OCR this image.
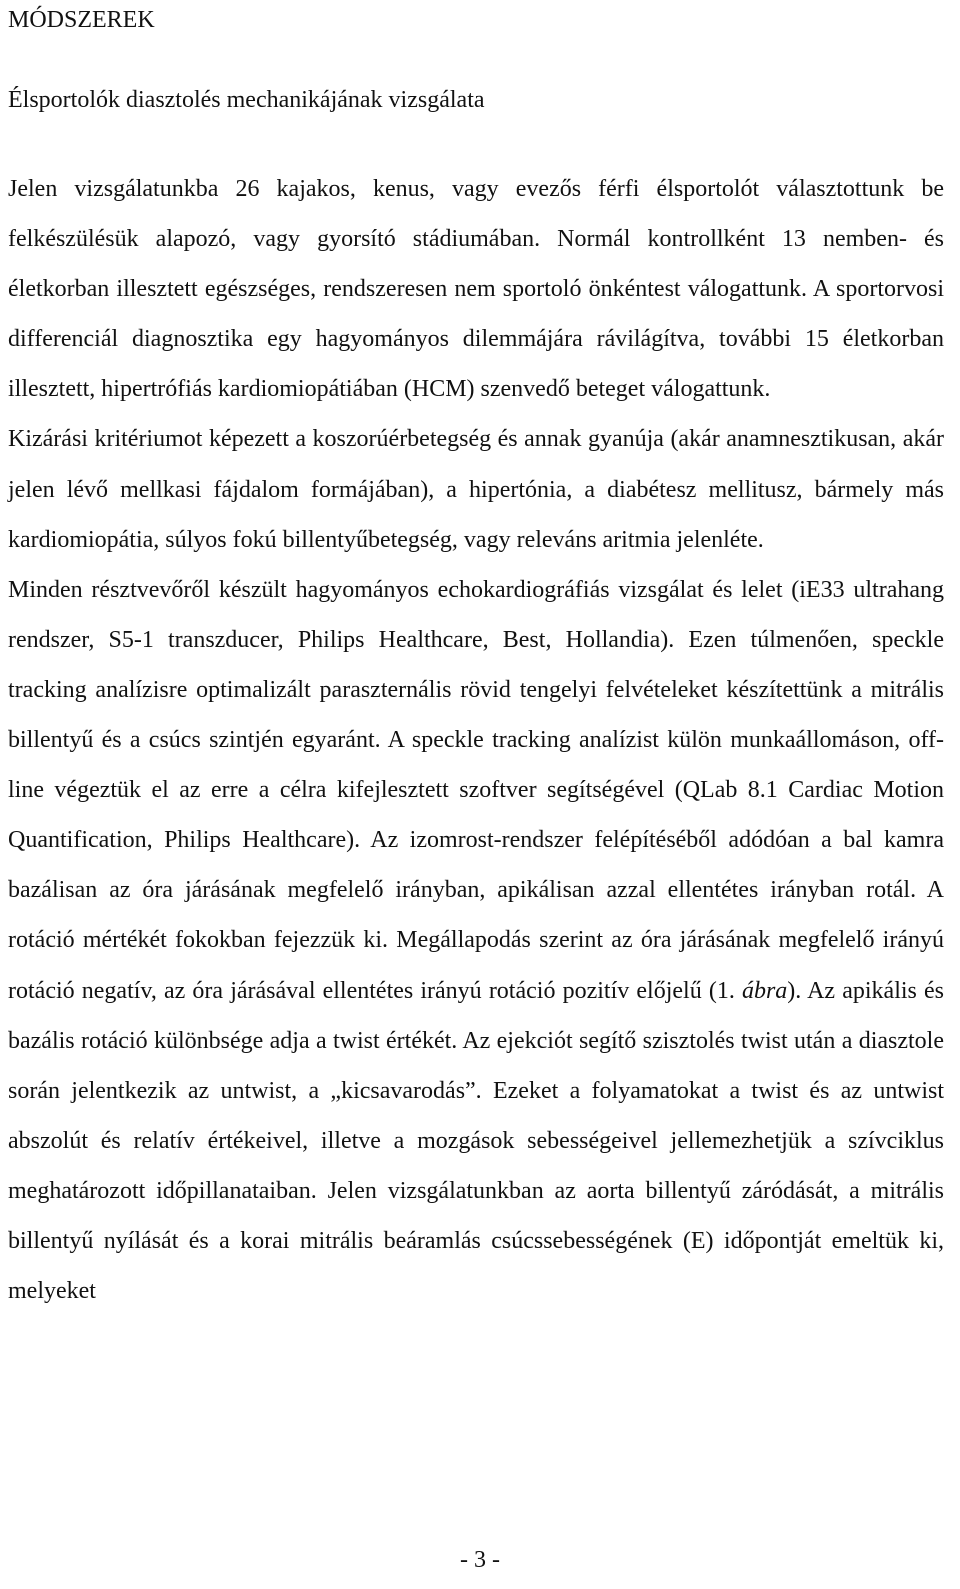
MÓDSZEREK
Élsportolók diasztolés mechanikájának vizsgálata

Jelen vizsgálatunkba 26 kajakos, kenus, vagy evezős férfi élsportolót választottunk be felkészülésük alapozó, vagy gyorsító stádiumában. Normál kontrollként 13 nemben- és életkorban illesztett egészséges, rendszeresen nem sportoló önkéntest válogattunk. A sportorvosi differenciál diagnosztika egy hagyományos dilemmájára rávilágítva, további 15 életkorban illesztett, hipertrófiás kardiomiopátiában (HCM) szenvedő beteget válogattunk.

Kizárási kritériumot képezett a koszorúérbetegség és annak gyanúja (akár anamnesztikusan, akár jelen lévő mellkasi fájdalom formájában), a hipertónia, a diabétesz mellitusz, bármely más kardiomiopátia, súlyos fokú billentyűbetegség, vagy releváns aritmia jelenléte.

Minden résztvevőről készült hagyományos echokardiográfiás vizsgálat és lelet (iE33 ultrahang rendszer, S5-1 transzducer, Philips Healthcare, Best, Hollandia). Ezen túlmenően, speckle tracking analízisre optimalizált paraszternális rövid tengelyi felvételeket készítettünk a mitrális billentyű és a csúcs szintjén egyaránt. A speckle tracking analízist külön munkaállomáson, off-line végeztük el az erre a célra kifejlesztett szoftver segítségével (QLab 8.1 Cardiac Motion Quantification, Philips Healthcare). Az izomrost-rendszer felépítéséből adódóan a bal kamra bazálisan az óra járásának megfelelő irányban, apikálisan azzal ellentétes irányban rotál. A rotáció mértékét fokokban fejezzük ki. Megállapodás szerint az óra járásának megfelelő irányú rotáció negatív, az óra járásával ellentétes irányú rotáció pozitív előjelű (1. ábra). Az apikális és bazális rotáció különbsége adja a twist értékét. Az ejekciót segítő szisztolés twist után a diasztole során jelentkezik az untwist, a „kicsavarodás”. Ezeket a folyamatokat a twist és az untwist abszolút és relatív értékeivel, illetve a mozgások sebességeivel jellemezhetjük a szívciklus meghatározott időpillanataiban. Jelen vizsgálatunkban az aorta billentyű záródását, a mitrális billentyű nyílását és a korai mitrális beáramlás csúcssebességének (E) időpontját emeltük ki, melyeket

- 3 -
